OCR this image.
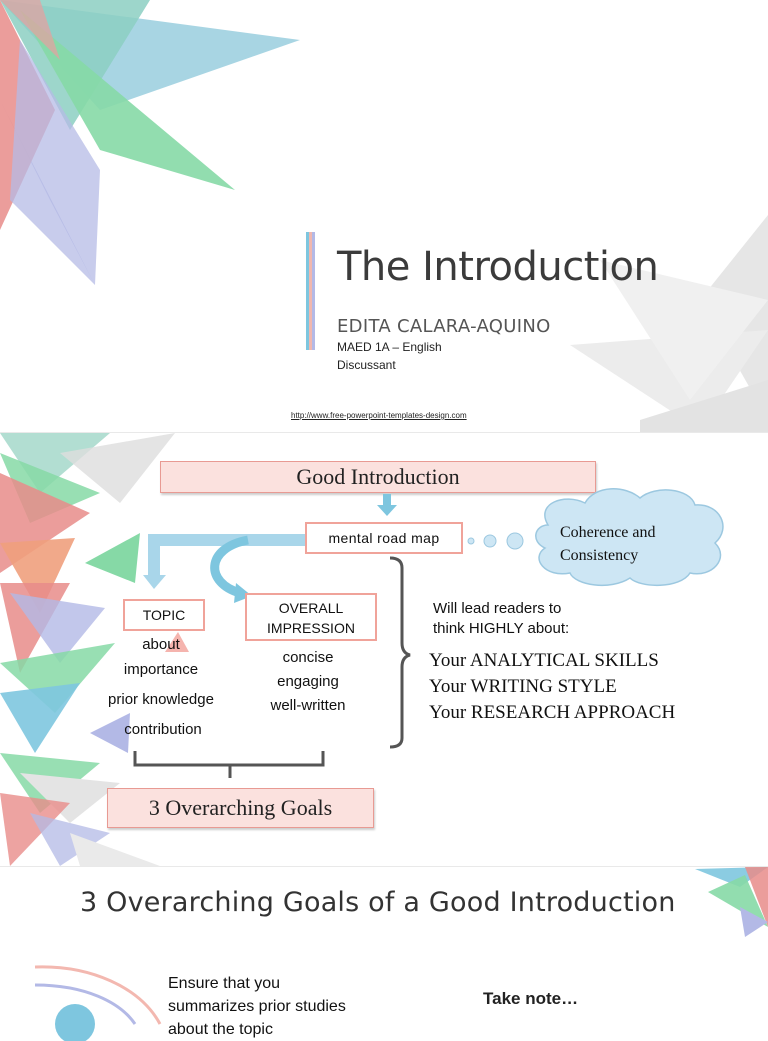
The Introduction
EDITA CALARA-AQUINO
MAED 1A – English
Discussant
http://www.free-powerpoint-templates-design.com
Good Introduction
Coherence and
Consistency
mental road map
TOPIC	OVERALL
IMPRESSION
about
importance
prior knowledge
contribution
concise
engaging
well-written
Will lead readers to
think HIGHLY about:
Your ANALYTICAL SKILLS
Your WRITING STYLE
Your RESEARCH APPROACH
3 Overarching Goals
3 Overarching Goals of a Good Introduction
Ensure that you
summarizes prior studies
about the topic
Take note…
